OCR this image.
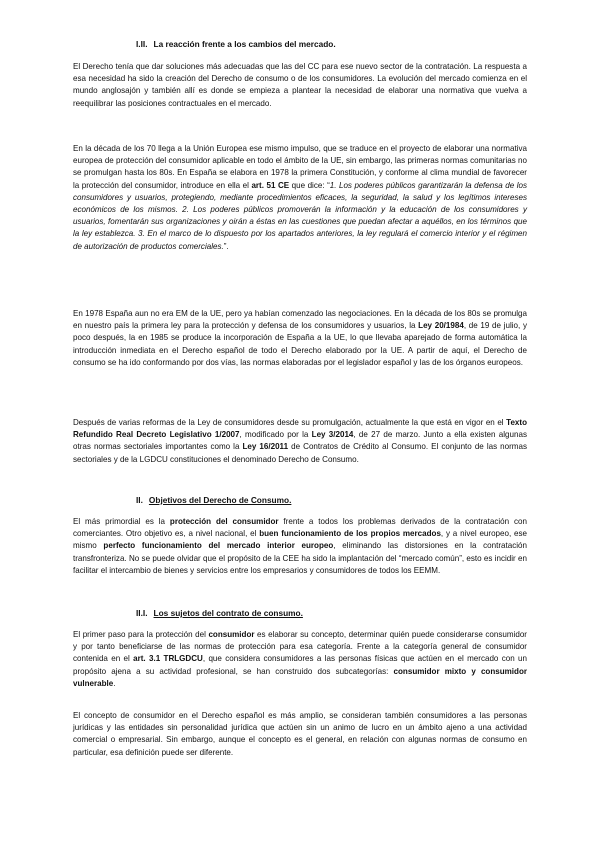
I.II. La reacción frente a los cambios del mercado.
El Derecho tenía que dar soluciones más adecuadas que las del CC para ese nuevo sector de la contratación. La respuesta a esa necesidad ha sido la creación del Derecho de consumo o de los consumidores. La evolución del mercado comienza en el mundo anglosajón y también allí es donde se empieza a plantear la necesidad de elaborar una normativa que vuelva a reequilibrar las posiciones contractuales en el mercado.
En la década de los 70 llega a la Unión Europea ese mismo impulso, que se traduce en el proyecto de elaborar una normativa europea de protección del consumidor aplicable en todo el ámbito de la UE, sin embargo, las primeras normas comunitarias no se promulgan hasta los 80s. En España se elabora en 1978 la primera Constitución, y conforme al clima mundial de favorecer la protección del consumidor, introduce en ella el art. 51 CE que dice: “1. Los poderes públicos garantizarán la defensa de los consumidores y usuarios, protegiendo, mediante procedimientos eficaces, la seguridad, la salud y los legítimos intereses económicos de los mismos. 2. Los poderes públicos promoverán la información y la educación de los consumidores y usuarios, fomentarán sus organizaciones y oirán a éstas en las cuestiones que puedan afectar a aquéllos, en los términos que la ley establezca. 3. En el marco de lo dispuesto por los apartados anteriores, la ley regulará el comercio interior y el régimen de autorización de productos comerciales.”.
En 1978 España aun no era EM de la UE, pero ya habían comenzado las negociaciones. En la década de los 80s se promulga en nuestro país la primera ley para la protección y defensa de los consumidores y usuarios, la Ley 20/1984, de 19 de julio, y poco después, la en 1985 se produce la incorporación de España a la UE, lo que llevaba aparejado de forma automática la introducción inmediata en el Derecho español de todo el Derecho elaborado por la UE. A partir de aquí, el Derecho de consumo se ha ido conformando por dos vías, las normas elaboradas por el legislador español y las de los órganos europeos.
Después de varias reformas de la Ley de consumidores desde su promulgación, actualmente la que está en vigor en el Texto Refundido Real Decreto Legislativo 1/2007, modificado por la Ley 3/2014, de 27 de marzo. Junto a ella existen algunas otras normas sectoriales importantes como la Ley 16/2011 de Contratos de Crédito al Consumo. El conjunto de las normas sectoriales y de la LGDCU constituciones el denominado Derecho de Consumo.
II. Objetivos del Derecho de Consumo.
El más primordial es la protección del consumidor frente a todos los problemas derivados de la contratación con comerciantes. Otro objetivo es, a nivel nacional, el buen funcionamiento de los propios mercados, y a nivel europeo, ese mismo perfecto funcionamiento del mercado interior europeo, eliminando las distorsiones en la contratación transfronteriza. No se puede olvidar que el propósito de la CEE ha sido la implantación del “mercado común”, esto es incidir en facilitar el intercambio de bienes y servicios entre los empresarios y consumidores de todos los EEMM.
II.I. Los sujetos del contrato de consumo.
El primer paso para la protección del consumidor es elaborar su concepto, determinar quién puede considerarse consumidor y por tanto beneficiarse de las normas de protección para esa categoría. Frente a la categoría general de consumidor contenida en el art. 3.1 TRLGDCU, que considera consumidores a las personas físicas que actúen en el mercado con un propósito ajena a su actividad profesional, se han construido dos subcategorías: consumidor mixto y consumidor vulnerable.
El concepto de consumidor en el Derecho español es más amplio, se consideran también consumidores a las personas jurídicas y las entidades sin personalidad jurídica que actúen sin un animo de lucro en un ámbito ajeno a una actividad comercial o empresarial. Sin embargo, aunque el concepto es el general, en relación con algunas normas de consumo en particular, esa definición puede ser diferente.
